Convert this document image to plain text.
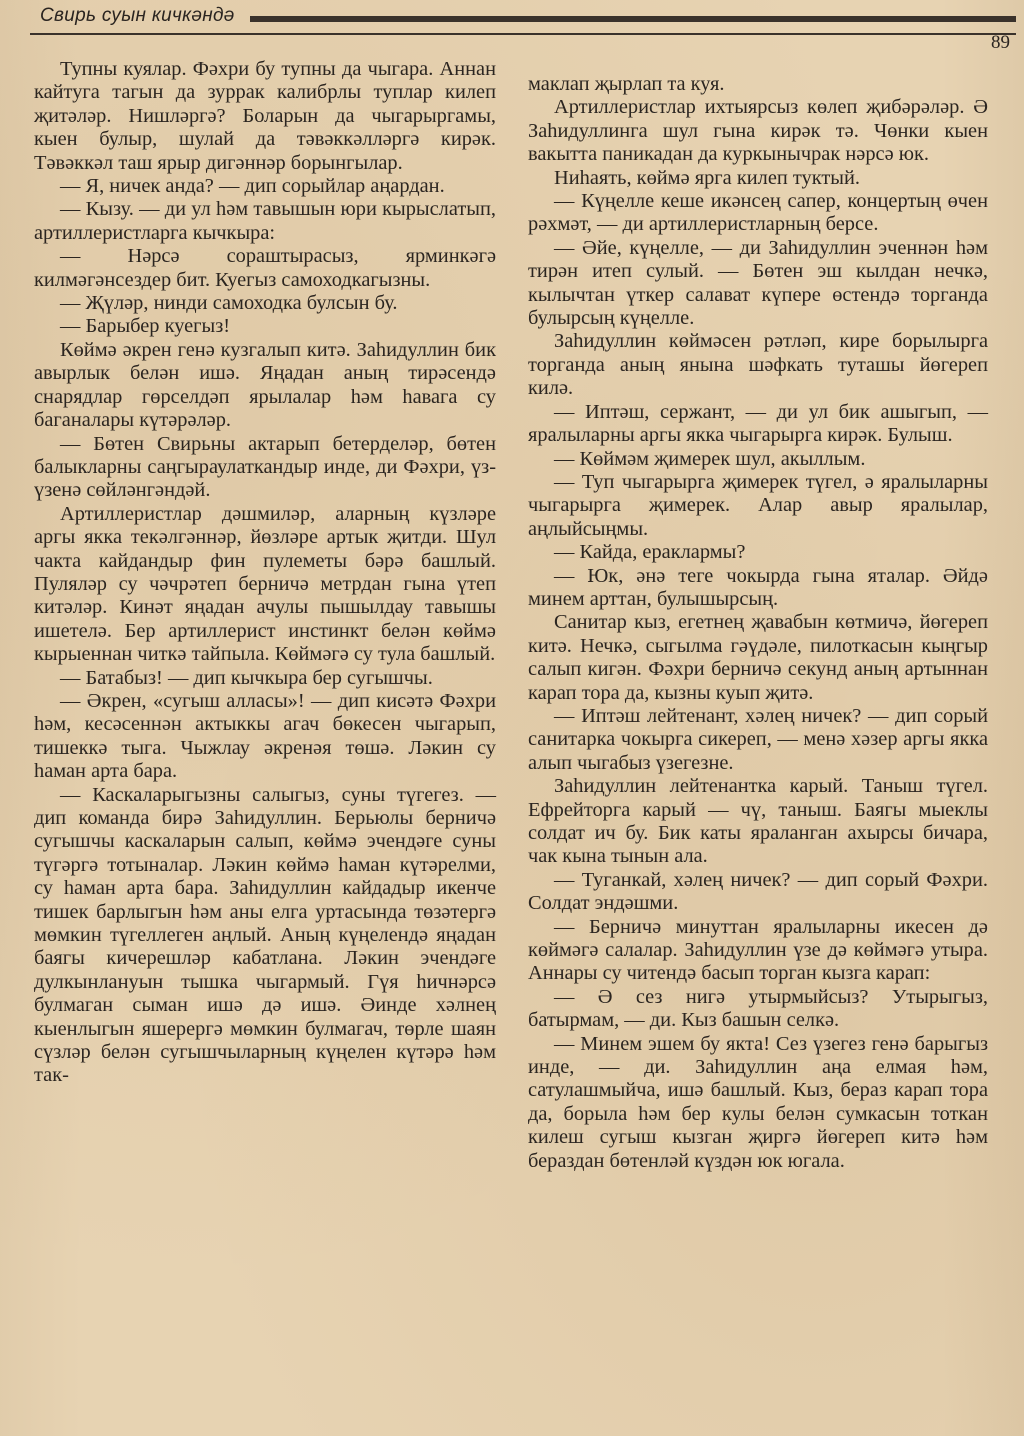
Свирь суын кичкәндә
89

Тупны куялар. Фәхри бу тупны да чыгара. Аннан кайтуга тагын да зуррак калибрлы туплар килеп җитәләр. Нишләргә? Боларын да чыгарыргамы, кыен булыр, шулай да тәвәккәлләргә кирәк. Тәвәккәл таш ярыр дигәннәр борынгылар.

— Я, ничек анда? — дип сорыйлар аңардан.

— Кызу. — ди ул һәм тавышын юри кырыслатып, артиллеристларга кычкыра:

— Нәрсә сораштырасыз, ярминкәгә килмәгәнсездер бит. Куегыз самоходкагызны.

— Җүләр, нинди самоходка булсын бу.

— Барыбер куегыз!

Көймә әкрен генә кузгалып китә. Заһидуллин бик авырлык белән ишә. Яңадан аның тирәсендә снарядлар гөрселдәп ярылалар һәм һавага су баганалары күтәрәләр.

— Бөтен Свирьны актарып бетерделәр, бөтен балыкларны саңгыраулаткандыр инде, ди Фәхри, үз-үзенә сөйләнгәндәй.

Артиллеристлар дәшмиләр, аларның күзләре аргы якка текәлгәннәр, йөзләре артык җитди. Шул чакта кайдандыр фин пулеметы бәрә башлый. Пуляләр су чәчрәтеп берничә метрдан гына үтеп китәләр. Кинәт яңадан ачулы пышылдау тавышы ишетелә. Бер артиллерист инстинкт белән көймә кырыеннан читкә тайпыла. Көймәгә су тула башлый.

— Батабыз! — дип кычкыра бер сугышчы.

— Әкрен, «сугыш алласы»! — дип кисәтә Фәхри һәм, кесәсеннән актыккы агач бөкесен чыгарып, тишеккә тыга. Чыжлау әкренәя төшә. Ләкин су һаман арта бара.

— Каскаларыгызны салыгыз, суны түгегез. — дип команда бирә Заһидуллин. Берьюлы берничә сугышчы каскаларын салып, көймә эчендәге суны түгәргә тотыналар. Ләкин көймә һаман күтәрелми, су һаман арта бара. Заһидуллин кайдадыр икенче тишек барлыгын һәм аны елга уртасында төзәтергә мөмкин түгеллеген аңлый. Аның күңелендә яңадан баягы кичерешләр кабатлана. Ләкин эчендәге дулкынлануын тышка чыгармый. Гүя һичнәрсә булмаган сыман ишә дә ишә. Әинде хәлнең кыенлыгын яшерергә мөмкин булмагач, төрле шаян сүзләр белән сугышчыларның күңелен күтәрә һәм так-

маклап җырлап та куя.

Артиллеристлар ихтыярсыз көлеп җибәрәләр. Ә Заһидуллинга шул гына кирәк тә. Чөнки кыен вакытта паникадан да куркынычрак нәрсә юк.

Ниһаять, көймә ярга килеп туктый.

— Күңелле кеше икәнсең сапер, концертың өчен рәхмәт, — ди артиллеристларның берсе.

— Әйе, күңелле, — ди Заһидуллин эченнән һәм тирән итеп сулый. — Бөтен эш кылдан нечкә, кылычтан үткер салават күпере өстендә торганда булырсың күңелле.

Заһидуллин көймәсен рәтләп, кире борылырга торганда аның янына шәфкать туташы йөгереп килә.

— Иптәш, сержант, — ди ул бик ашыгып, — яралыларны аргы якка чыгарырга кирәк. Булыш.

— Көймәм җимерек шул, акыллым.

— Туп чыгарырга җимерек түгел, ә яралыларны чыгарырга җимерек. Алар авыр яралылар, аңлыйсыңмы.

— Кайда, ераклармы?

— Юк, әнә теге чокырда гына яталар. Әйдә минем арттан, булышырсың.

Санитар кыз, егетнең җавабын көтмичә, йөгереп китә. Нечкә, сыгылма гәүдәле, пилоткасын кыңгыр салып кигән. Фәхри берничә секунд аның артыннан карап тора да, кызны куып җитә.

— Иптәш лейтенант, хәлең ничек? — дип сорый санитарка чокырга сикереп, — менә хәзер аргы якка алып чыгабыз үзегезне.

Заһидуллин лейтенантка карый. Таныш түгел. Ефрейторга карый — чү, таныш. Баягы мыеклы солдат ич бу. Бик каты яраланган ахырсы бичара, чак кына тынын ала.

— Туганкай, хәлең ничек? — дип сорый Фәхри. Солдат эндәшми.

— Берничә минуттан яралыларны икесен дә көймәгә салалар. Заһидуллин үзе дә көймәгә утыра. Аннары су читендә басып торган кызга карап:

— Ә сез нигә утырмыйсыз? Утырыгыз, батырмам, — ди. Кыз башын селкә.

— Минем эшем бу якта! Сез үзегез генә барыгыз инде, — ди. Заһидуллин аңа елмая һәм, сатулашмыйча, ишә башлый. Кыз, бераз карап тора да, борыла һәм бер кулы белән сумкасын тоткан килеш сугыш кызган җиргә йөгереп китә һәм бераздан бөтенләй күздән юк югала.
